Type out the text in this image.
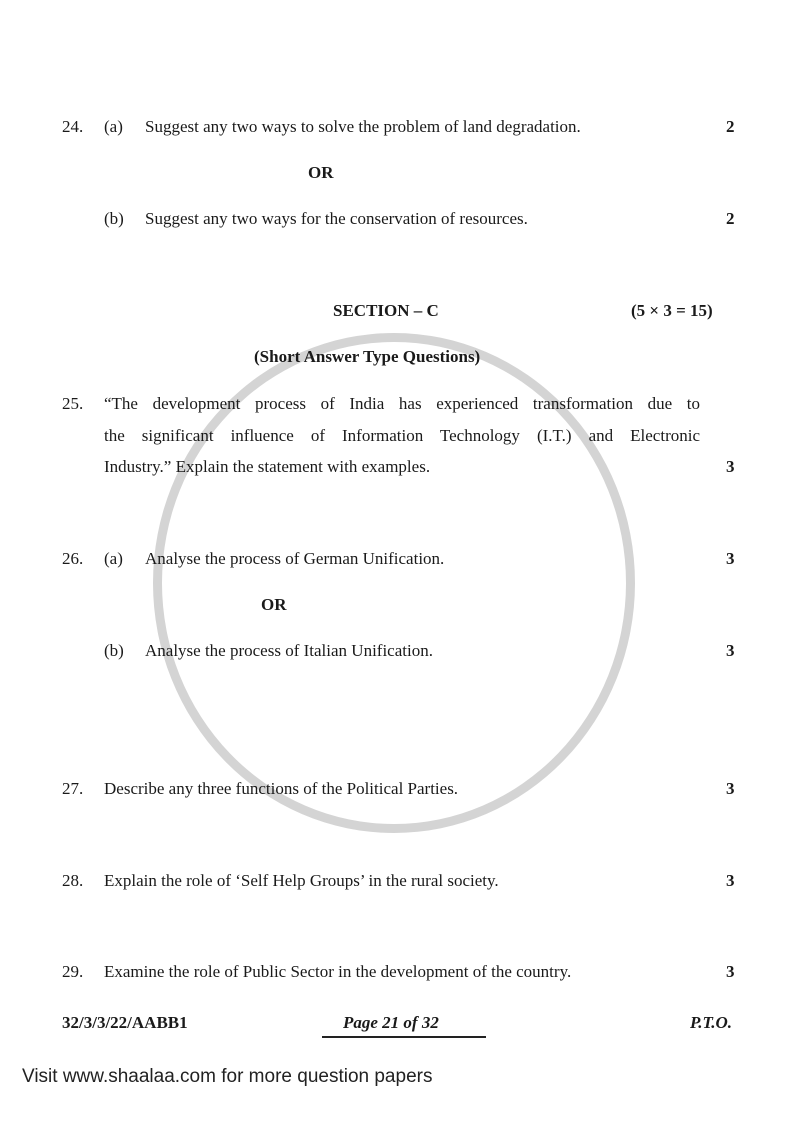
24. (a) Suggest any two ways to solve the problem of land degradation.	2
OR
(b) Suggest any two ways for the conservation of resources.	2
SECTION – C	(5 × 3 = 15)
(Short Answer Type Questions)
25. “The development process of India has experienced transformation due to
the significant influence of Information Technology (I.T.) and Electronic
Industry.” Explain the statement with examples.	3
26. (a) Analyse the process of German Unification.	3
OR
(b) Analyse the process of Italian Unification.	3
27. Describe any three functions of the Political Parties.	3
28. Explain the role of ‘Self Help Groups’ in the rural society.	3
29. Examine the role of Public Sector in the development of the country.	3
32/3/3/22/AABB1	Page 21 of 32	P.T.O.
Visit www.shaalaa.com for more question papers
